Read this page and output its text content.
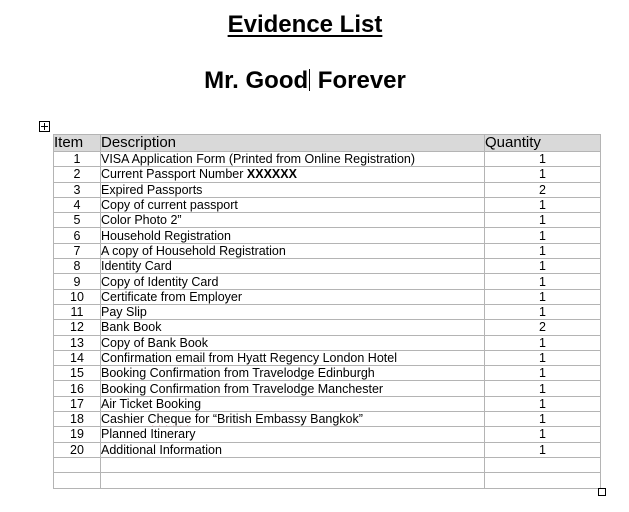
Evidence List
Mr. Good Forever
Item	Description	Quantity
1	VISA Application Form (Printed from Online Registration)	1
2	Current Passport Number XXXXXX	1
3	Expired Passports	2
4	Copy of current passport	1
5	Color Photo 2”	1
6	Household Registration	1
7	A copy of Household Registration	1
8	Identity Card	1
9	Copy of Identity Card	1
10	Certificate from Employer	1
11	Pay Slip	1
12	Bank Book	2
13	Copy of Bank Book	1
14	Confirmation email from Hyatt Regency London Hotel	1
15	Booking Confirmation from Travelodge Edinburgh	1
16	Booking Confirmation from Travelodge Manchester	1
17	Air Ticket Booking	1
18	Cashier Cheque for “British Embassy Bangkok”	1
19	Planned Itinerary	1
20	Additional Information	1
